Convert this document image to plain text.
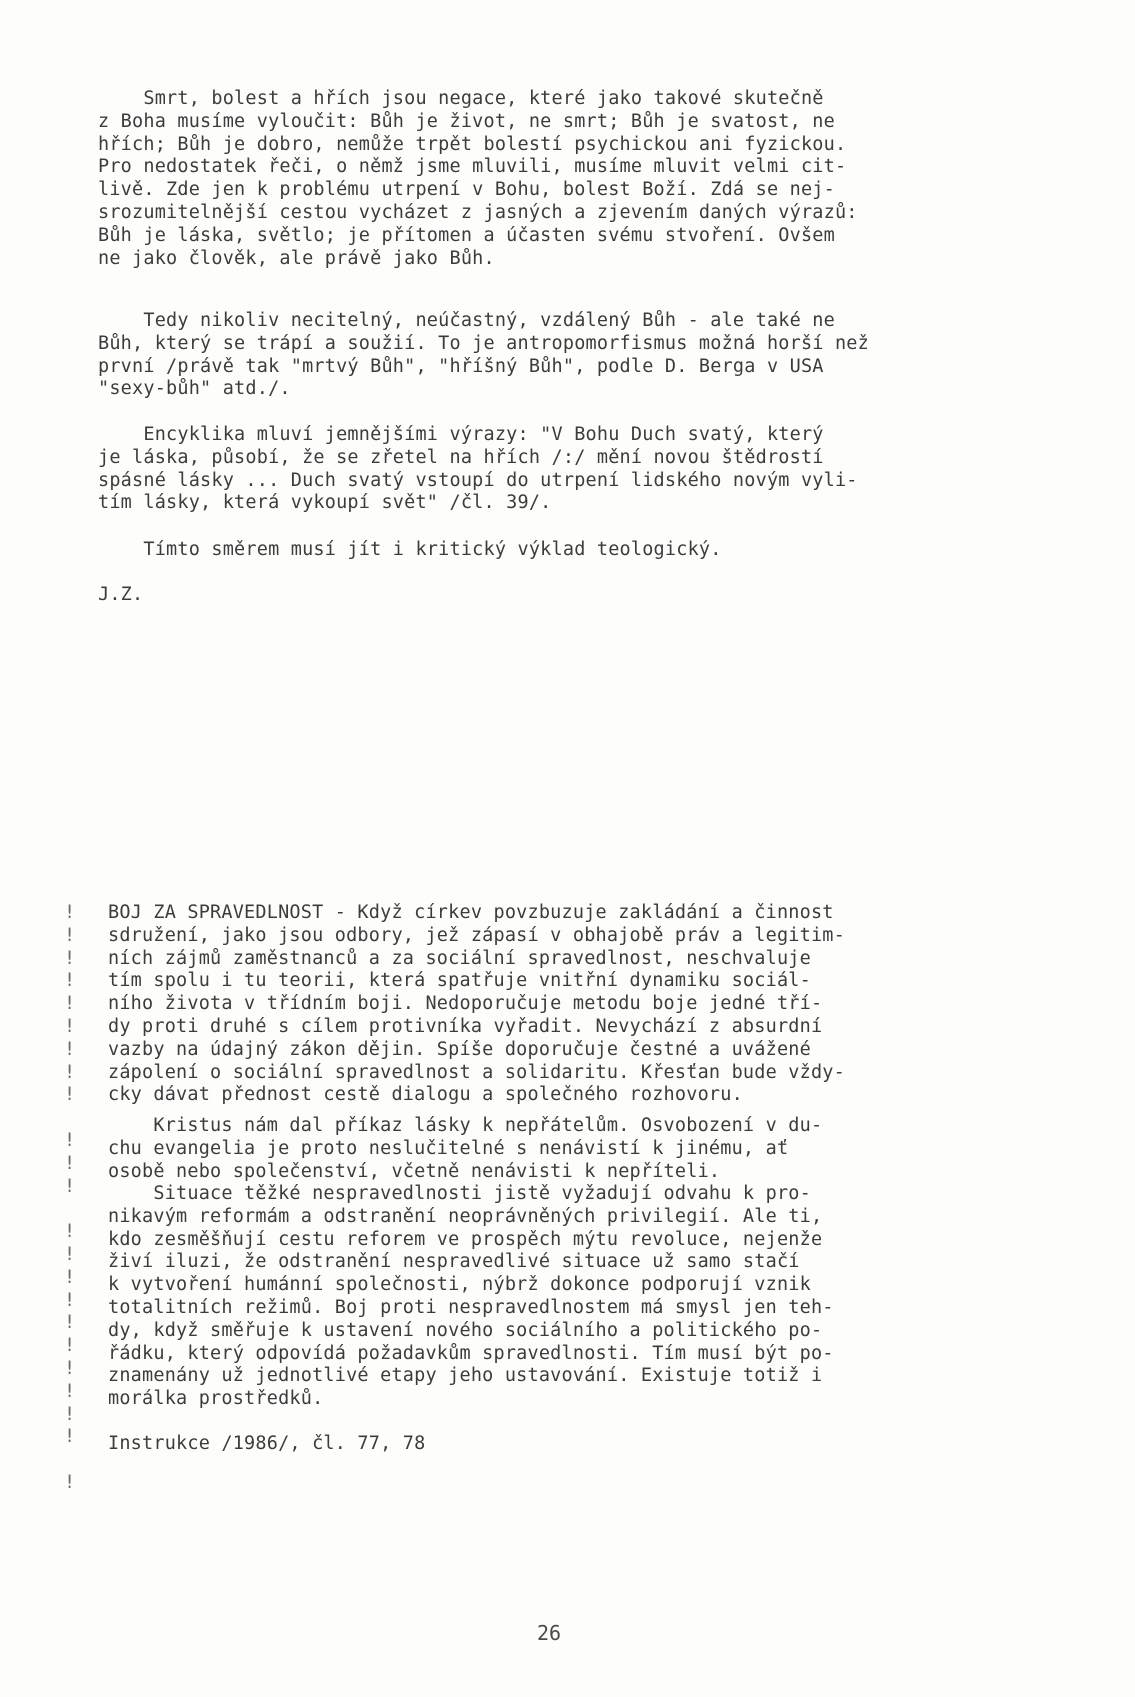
Smrt, bolest a hřích jsou negace, které jako takové skutečně
z Boha musíme vyloučit: Bůh je život, ne smrt; Bůh je svatost, ne
hřích; Bůh je dobro, nemůže trpět bolestí psychickou ani fyzickou.
Pro nedostatek řeči, o němž jsme mluvili, musíme mluvit velmi cit-
livě. Zde jen k problému utrpení v Bohu, bolest Boží. Zdá se nej-
srozumitelnější cestou vycházet z jasných a zjevením daných výrazů:
Bůh je láska, světlo; je přítomen a účasten svému stvoření. Ovšem
ne jako člověk, ale právě jako Bůh.
Tedy nikoliv necitelný, neúčastný, vzdálený Bůh - ale také ne
Bůh, který se trápí a soužií. To je antropomorfismus možná horší než
první /právě tak "mrtvý Bůh", "hříšný Bůh", podle D. Berga v USA
"sexy-bůh" atd./.
Encyklika mluví jemnějšími výrazy: "V Bohu Duch svatý, který
je láska, působí, že se zřetel na hřích /:/ mění novou štědrostí
spásné lásky ... Duch svatý vstoupí do utrpení lidského novým vyli-
tím lásky, která vykoupí svět" /čl. 39/.
Tímto směrem musí jít i kritický výklad teologický.
J.Z.
!
!
!
!
!
!
!
!
!

!
!
!

!
!
!
!
!
!
!
!
!
!

!
BOJ ZA SPRAVEDLNOST - Když církev povzbuzuje zakládání a činnost
sdružení, jako jsou odbory, jež zápasí v obhajobě práv a legitim-
ních zájmů zaměstnanců a za sociální spravedlnost, neschvaluje
tím spolu i tu teorii, která spatřuje vnitřní dynamiku sociál-
ního života v třídním boji. Nedoporučuje metodu boje jedné tří-
dy proti druhé s cílem protivníka vyřadit. Nevychází z absurdní
vazby na údajný zákon dějin. Spíše doporučuje čestné a uvážené
zápolení o sociální spravedlnost a solidaritu. Křesťan bude vždy-
cky dávat přednost cestě dialogu a společného rozhovoru.
Kristus nám dal příkaz lásky k nepřátelům. Osvobození v du-
chu evangelia je proto neslučitelné s nenávistí k jinému, ať
osobě nebo společenství, včetně nenávisti k nepříteli.
Situace těžké nespravedlnosti jistě vyžadují odvahu k pro-
nikavým reformám a odstranění neoprávněných privilegií. Ale ti,
kdo zesměšňují cestu reforem ve prospěch mýtu revoluce, nejenže
živí iluzi, že odstranění nespravedlivé situace už samo stačí
k vytvoření humánní společnosti, nýbrž dokonce podporují vznik
totalitních režimů. Boj proti nespravedlnostem má smysl jen teh-
dy, když směřuje k ustavení nového sociálního a politického po-
řádku, který odpovídá požadavkům spravedlnosti. Tím musí být po-
znamenány už jednotlivé etapy jeho ustavování. Existuje totiž i
morálka prostředků.
Instrukce /1986/, čl. 77, 78

26
